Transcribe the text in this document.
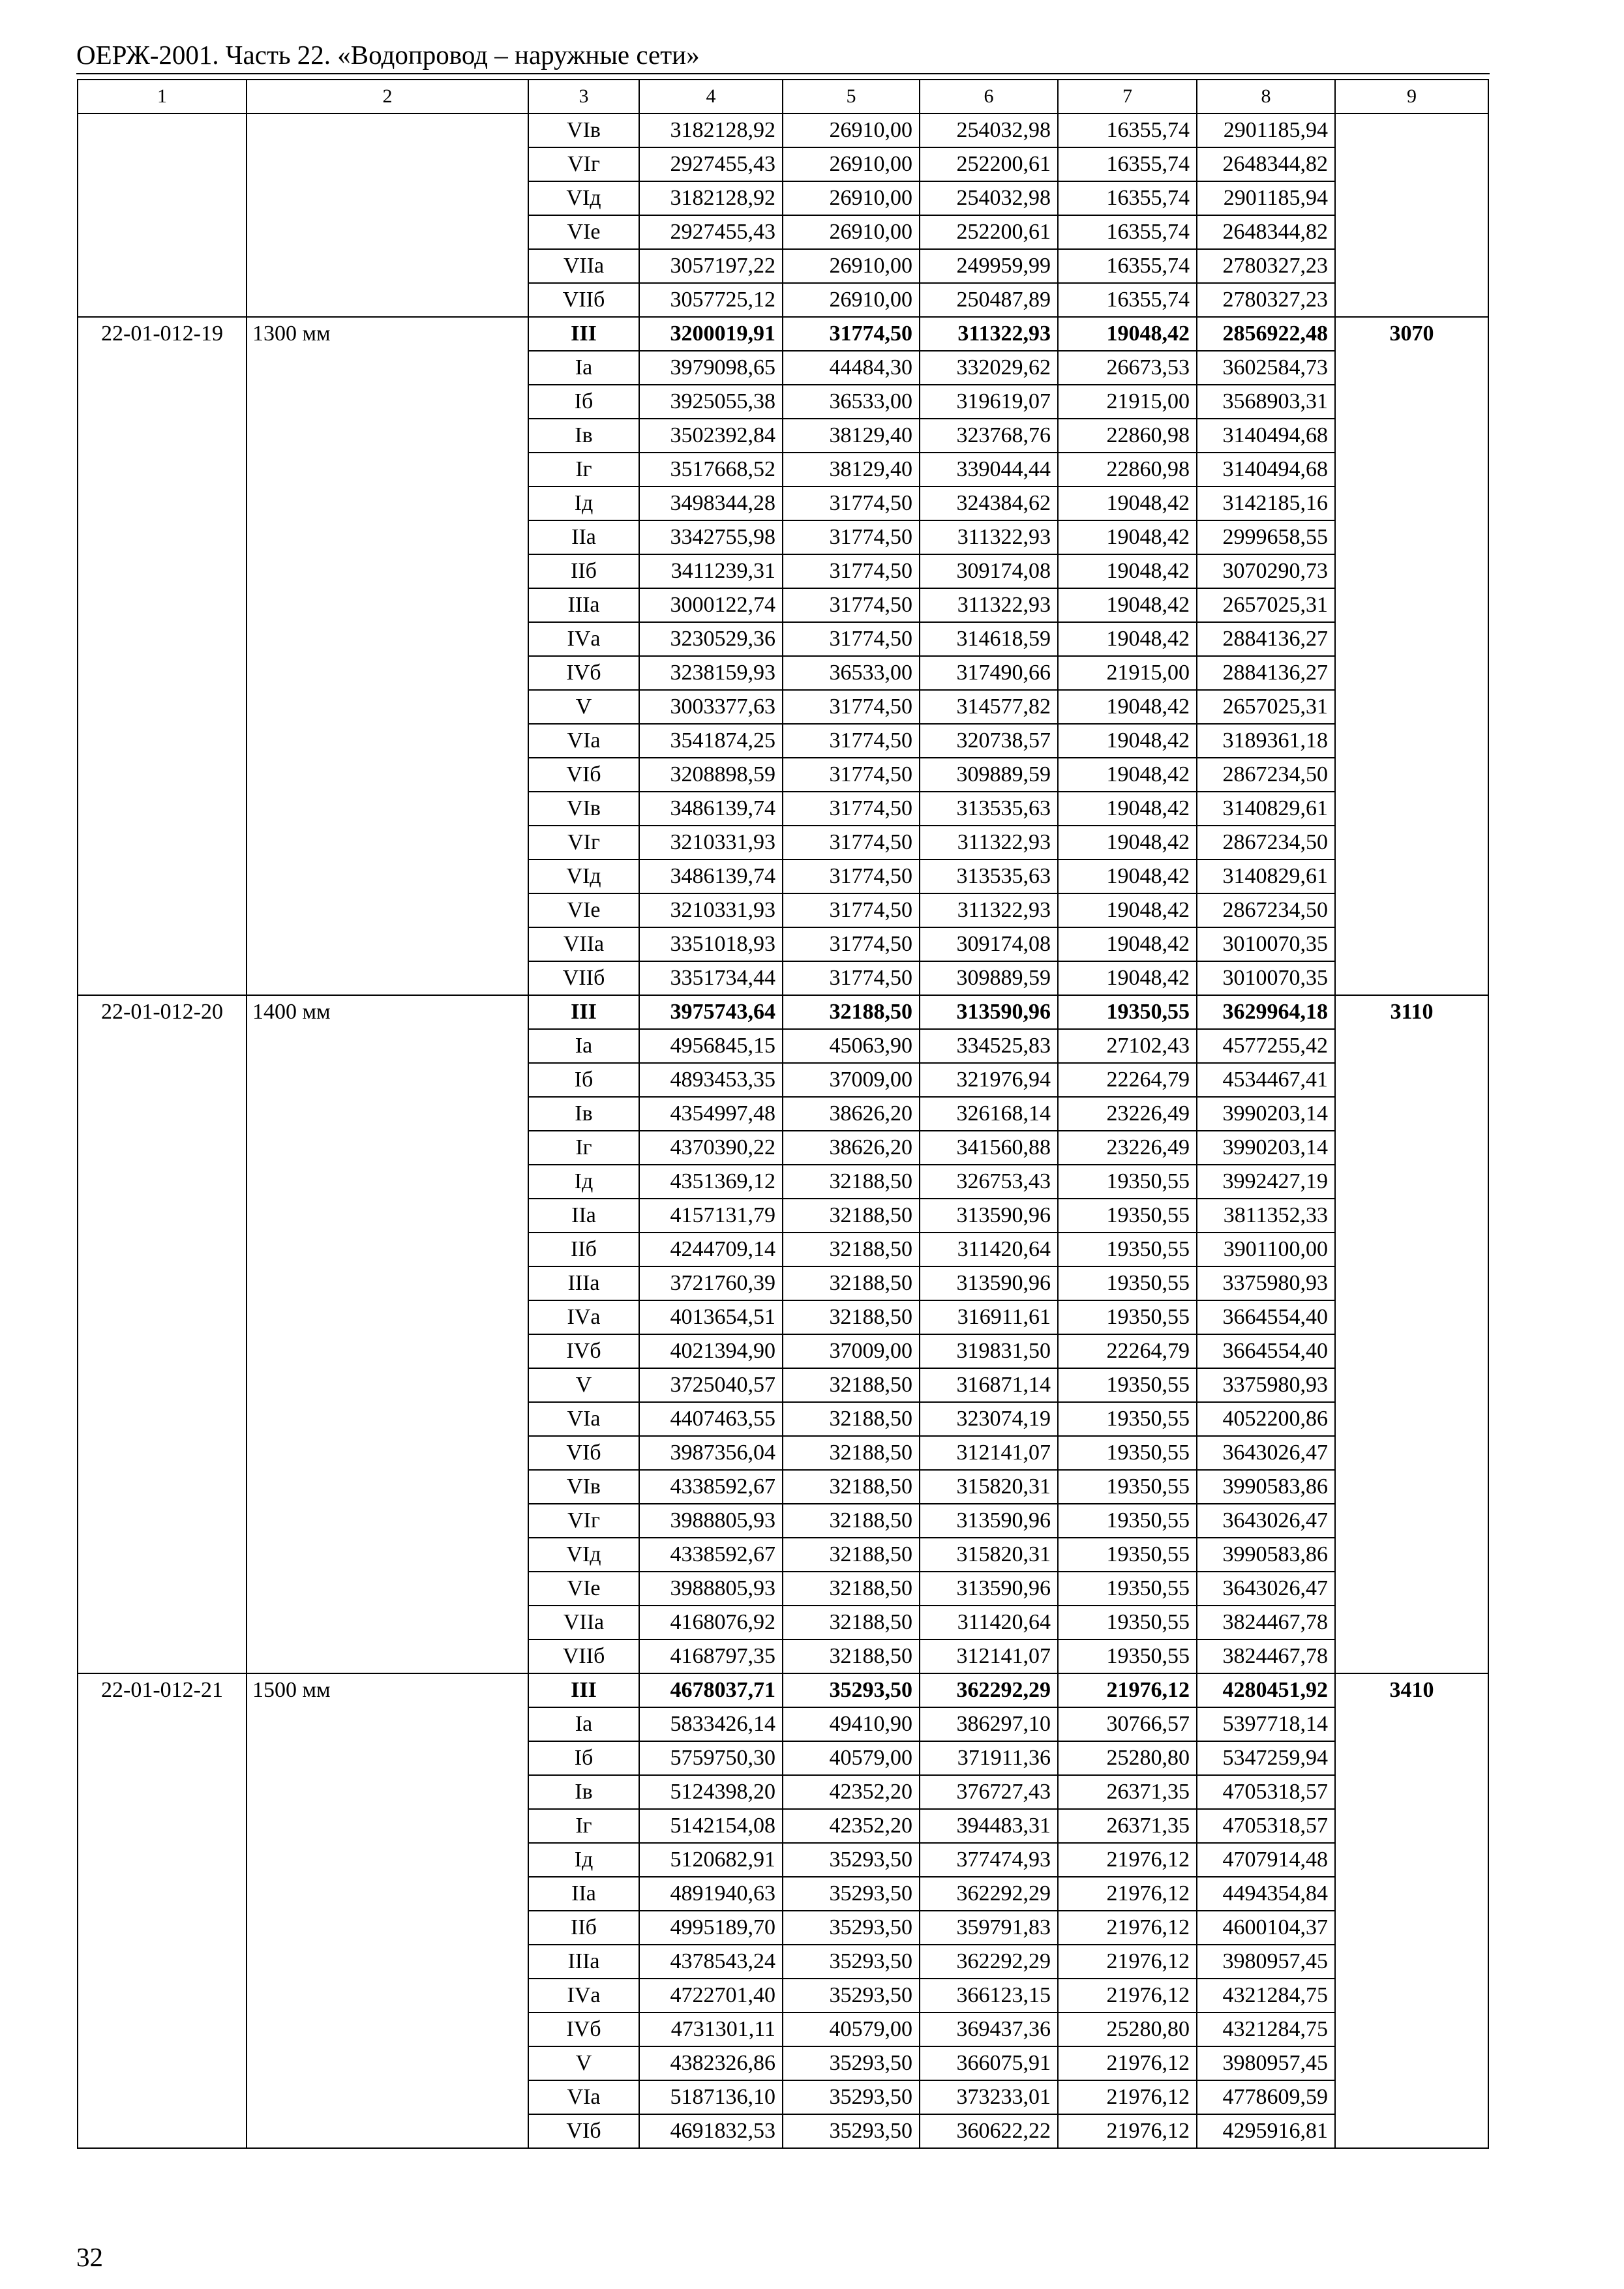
ОЕРЖ-2001. Часть 22. «Водопровод – наружные сети»
1	2	3	4	5	6	7	8	9
		VIв	3182128,92	26910,00	254032,98	16355,74	2901185,94	
		VIг	2927455,43	26910,00	252200,61	16355,74	2648344,82	
		VIд	3182128,92	26910,00	254032,98	16355,74	2901185,94	
		VIе	2927455,43	26910,00	252200,61	16355,74	2648344,82	
		VIIа	3057197,22	26910,00	249959,99	16355,74	2780327,23	
		VIIб	3057725,12	26910,00	250487,89	16355,74	2780327,23	
22-01-012-19	1300 мм	III	3200019,91	31774,50	311322,93	19048,42	2856922,48	3070
		Iа	3979098,65	44484,30	332029,62	26673,53	3602584,73	
		Iб	3925055,38	36533,00	319619,07	21915,00	3568903,31	
		Iв	3502392,84	38129,40	323768,76	22860,98	3140494,68	
		Iг	3517668,52	38129,40	339044,44	22860,98	3140494,68	
		Iд	3498344,28	31774,50	324384,62	19048,42	3142185,16	
		IIа	3342755,98	31774,50	311322,93	19048,42	2999658,55	
		IIб	3411239,31	31774,50	309174,08	19048,42	3070290,73	
		IIIа	3000122,74	31774,50	311322,93	19048,42	2657025,31	
		IVа	3230529,36	31774,50	314618,59	19048,42	2884136,27	
		IVб	3238159,93	36533,00	317490,66	21915,00	2884136,27	
		V	3003377,63	31774,50	314577,82	19048,42	2657025,31	
		VIа	3541874,25	31774,50	320738,57	19048,42	3189361,18	
		VIб	3208898,59	31774,50	309889,59	19048,42	2867234,50	
		VIв	3486139,74	31774,50	313535,63	19048,42	3140829,61	
		VIг	3210331,93	31774,50	311322,93	19048,42	2867234,50	
		VIд	3486139,74	31774,50	313535,63	19048,42	3140829,61	
		VIе	3210331,93	31774,50	311322,93	19048,42	2867234,50	
		VIIа	3351018,93	31774,50	309174,08	19048,42	3010070,35	
		VIIб	3351734,44	31774,50	309889,59	19048,42	3010070,35	
22-01-012-20	1400 мм	III	3975743,64	32188,50	313590,96	19350,55	3629964,18	3110
		Iа	4956845,15	45063,90	334525,83	27102,43	4577255,42	
		Iб	4893453,35	37009,00	321976,94	22264,79	4534467,41	
		Iв	4354997,48	38626,20	326168,14	23226,49	3990203,14	
		Iг	4370390,22	38626,20	341560,88	23226,49	3990203,14	
		Iд	4351369,12	32188,50	326753,43	19350,55	3992427,19	
		IIа	4157131,79	32188,50	313590,96	19350,55	3811352,33	
		IIб	4244709,14	32188,50	311420,64	19350,55	3901100,00	
		IIIа	3721760,39	32188,50	313590,96	19350,55	3375980,93	
		IVа	4013654,51	32188,50	316911,61	19350,55	3664554,40	
		IVб	4021394,90	37009,00	319831,50	22264,79	3664554,40	
		V	3725040,57	32188,50	316871,14	19350,55	3375980,93	
		VIа	4407463,55	32188,50	323074,19	19350,55	4052200,86	
		VIб	3987356,04	32188,50	312141,07	19350,55	3643026,47	
		VIв	4338592,67	32188,50	315820,31	19350,55	3990583,86	
		VIг	3988805,93	32188,50	313590,96	19350,55	3643026,47	
		VIд	4338592,67	32188,50	315820,31	19350,55	3990583,86	
		VIе	3988805,93	32188,50	313590,96	19350,55	3643026,47	
		VIIа	4168076,92	32188,50	311420,64	19350,55	3824467,78	
		VIIб	4168797,35	32188,50	312141,07	19350,55	3824467,78	
22-01-012-21	1500 мм	III	4678037,71	35293,50	362292,29	21976,12	4280451,92	3410
		Iа	5833426,14	49410,90	386297,10	30766,57	5397718,14	
		Iб	5759750,30	40579,00	371911,36	25280,80	5347259,94	
		Iв	5124398,20	42352,20	376727,43	26371,35	4705318,57	
		Iг	5142154,08	42352,20	394483,31	26371,35	4705318,57	
		Iд	5120682,91	35293,50	377474,93	21976,12	4707914,48	
		IIа	4891940,63	35293,50	362292,29	21976,12	4494354,84	
		IIб	4995189,70	35293,50	359791,83	21976,12	4600104,37	
		IIIа	4378543,24	35293,50	362292,29	21976,12	3980957,45	
		IVа	4722701,40	35293,50	366123,15	21976,12	4321284,75	
		IVб	4731301,11	40579,00	369437,36	25280,80	4321284,75	
		V	4382326,86	35293,50	366075,91	21976,12	3980957,45	
		VIа	5187136,10	35293,50	373233,01	21976,12	4778609,59	
		VIб	4691832,53	35293,50	360622,22	21976,12	4295916,81	
32
